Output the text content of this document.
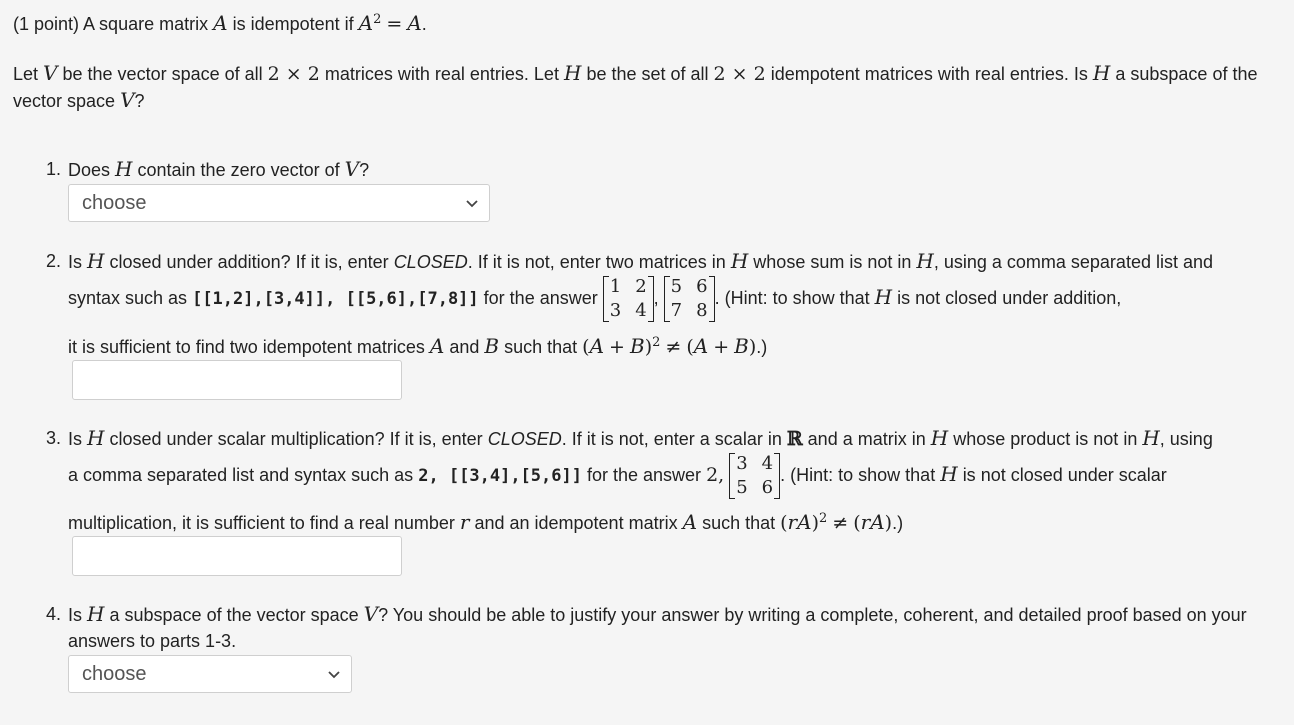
(1 point) A square matrix A is idempotent if $A^2 = A$.

Let V be the vector space of all 2 × 2 matrices with real entries. Let H be the set of all 2 × 2 idempotent matrices with real entries. Is H a subspace of the vector space V?

1. Does H contain the zero vector of V?

choose
2. Is H closed under addition? If it is, enter CLOSED. If it is not, enter two matrices in H whose sum is not in H, using a comma separated list and

syntax such as [[1,2],[3,4]], [[5,6],[7,8]] for the answer
1	2
3	4
,
5	6
7	8
. (Hint: to show that H is not closed under addition,
it is sufficient to find two idempotent matrices A and B such that $(A + B)^2 \ne (A + B)$.)
3. Is H closed under scalar multiplication? If it is, enter CLOSED. If it is not, enter a scalar in ℝ and a matrix in H whose product is not in H, using

a comma separated list and syntax such as 2, [[3,4],[5,6]] for the answer 2,
3	4
5	6
. (Hint: to show that H is not closed under scalar
multiplication, it is sufficient to find a real number r and an idempotent matrix A such that (rA)$^2$ ≠ (rA).)
4. Is H a subspace of the vector space V? You should be able to justify your answer by writing a complete, coherent, and detailed proof based on your answers to parts 1-3.

choose
